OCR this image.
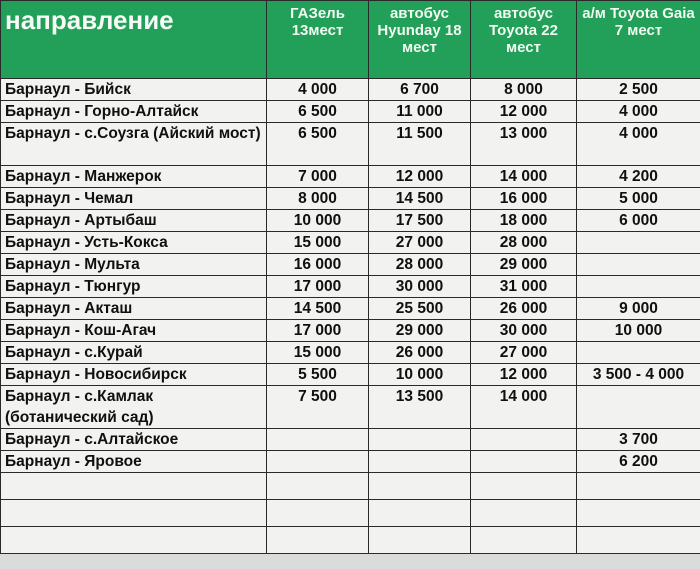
направление	ГАЗель 13мест	автобус Hyunday 18 мест	автобус Toyota 22 мест	а/м Toyota Gaia 7 мест
Барнаул - Бийск	4 000	6 700	8 000	2 500
Барнаул - Горно-Алтайск	6 500	11 000	12 000	4 000
Барнаул - с.Соузга (Айский мост)	6 500	11 500	13 000	4 000
Барнаул - Манжерок	7 000	12 000	14 000	4 200
Барнаул - Чемал	8 000	14 500	16 000	5 000
Барнаул - Артыбаш	10 000	17 500	18 000	6 000
Барнаул - Усть-Кокса	15 000	27 000	28 000	
Барнаул - Мульта	16 000	28 000	29 000	
Барнаул - Тюнгур	17 000	30 000	31 000	
Барнаул - Акташ	14 500	25 500	26 000	9 000
Барнаул - Кош-Агач	17 000	29 000	30 000	10 000
Барнаул - с.Курай	15 000	26 000	27 000	
Барнаул - Новосибирск	5 500	10 000	12 000	3 500 - 4 000
Барнаул - с.Камлак (ботанический сад)	7 500	13 500	14 000	
Барнаул - с.Алтайское				3 700
Барнаул - Яровое				6 200
